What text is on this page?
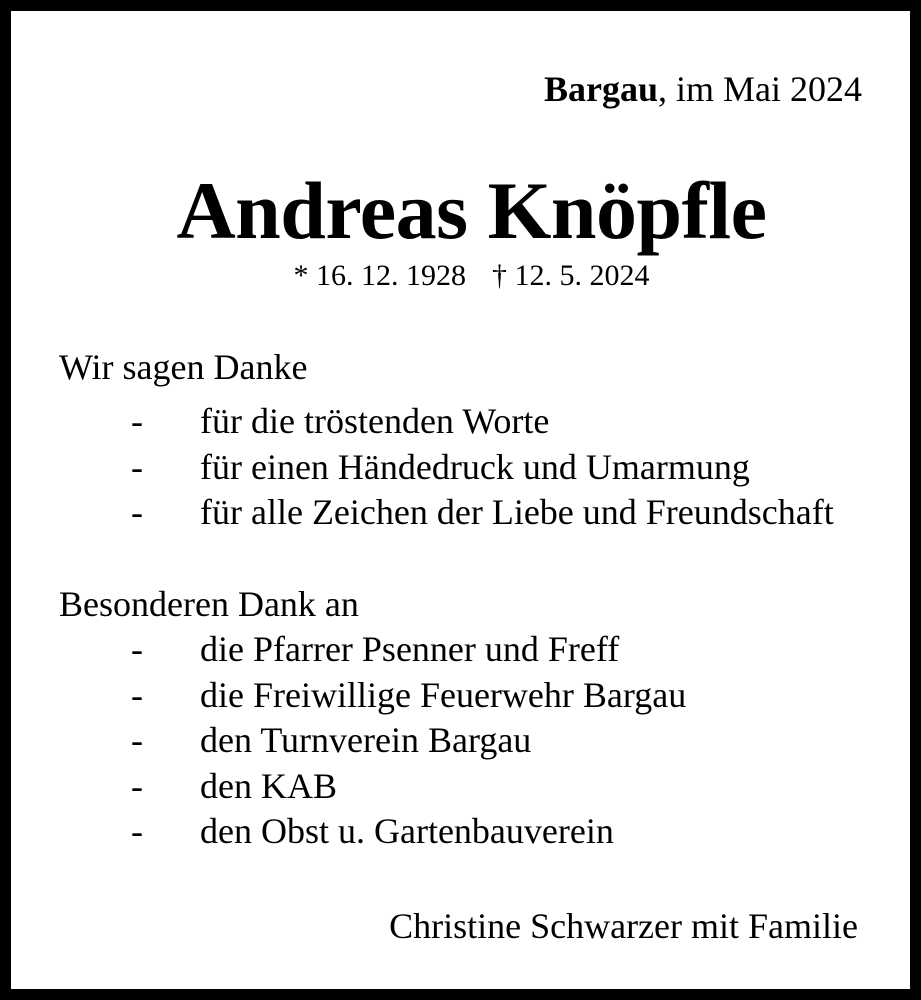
Bargau, im Mai 2024
Andreas Knöpfle
* 16. 12. 1928 † 12. 5. 2024
Wir sagen Danke
- für die tröstenden Worte
- für einen Händedruck und Umarmung
- für alle Zeichen der Liebe und Freundschaft
Besonderen Dank an
- die Pfarrer Psenner und Freff
- die Freiwillige Feuerwehr Bargau
- den Turnverein Bargau
- den KAB
- den Obst u. Gartenbauverein
Christine Schwarzer mit Familie
